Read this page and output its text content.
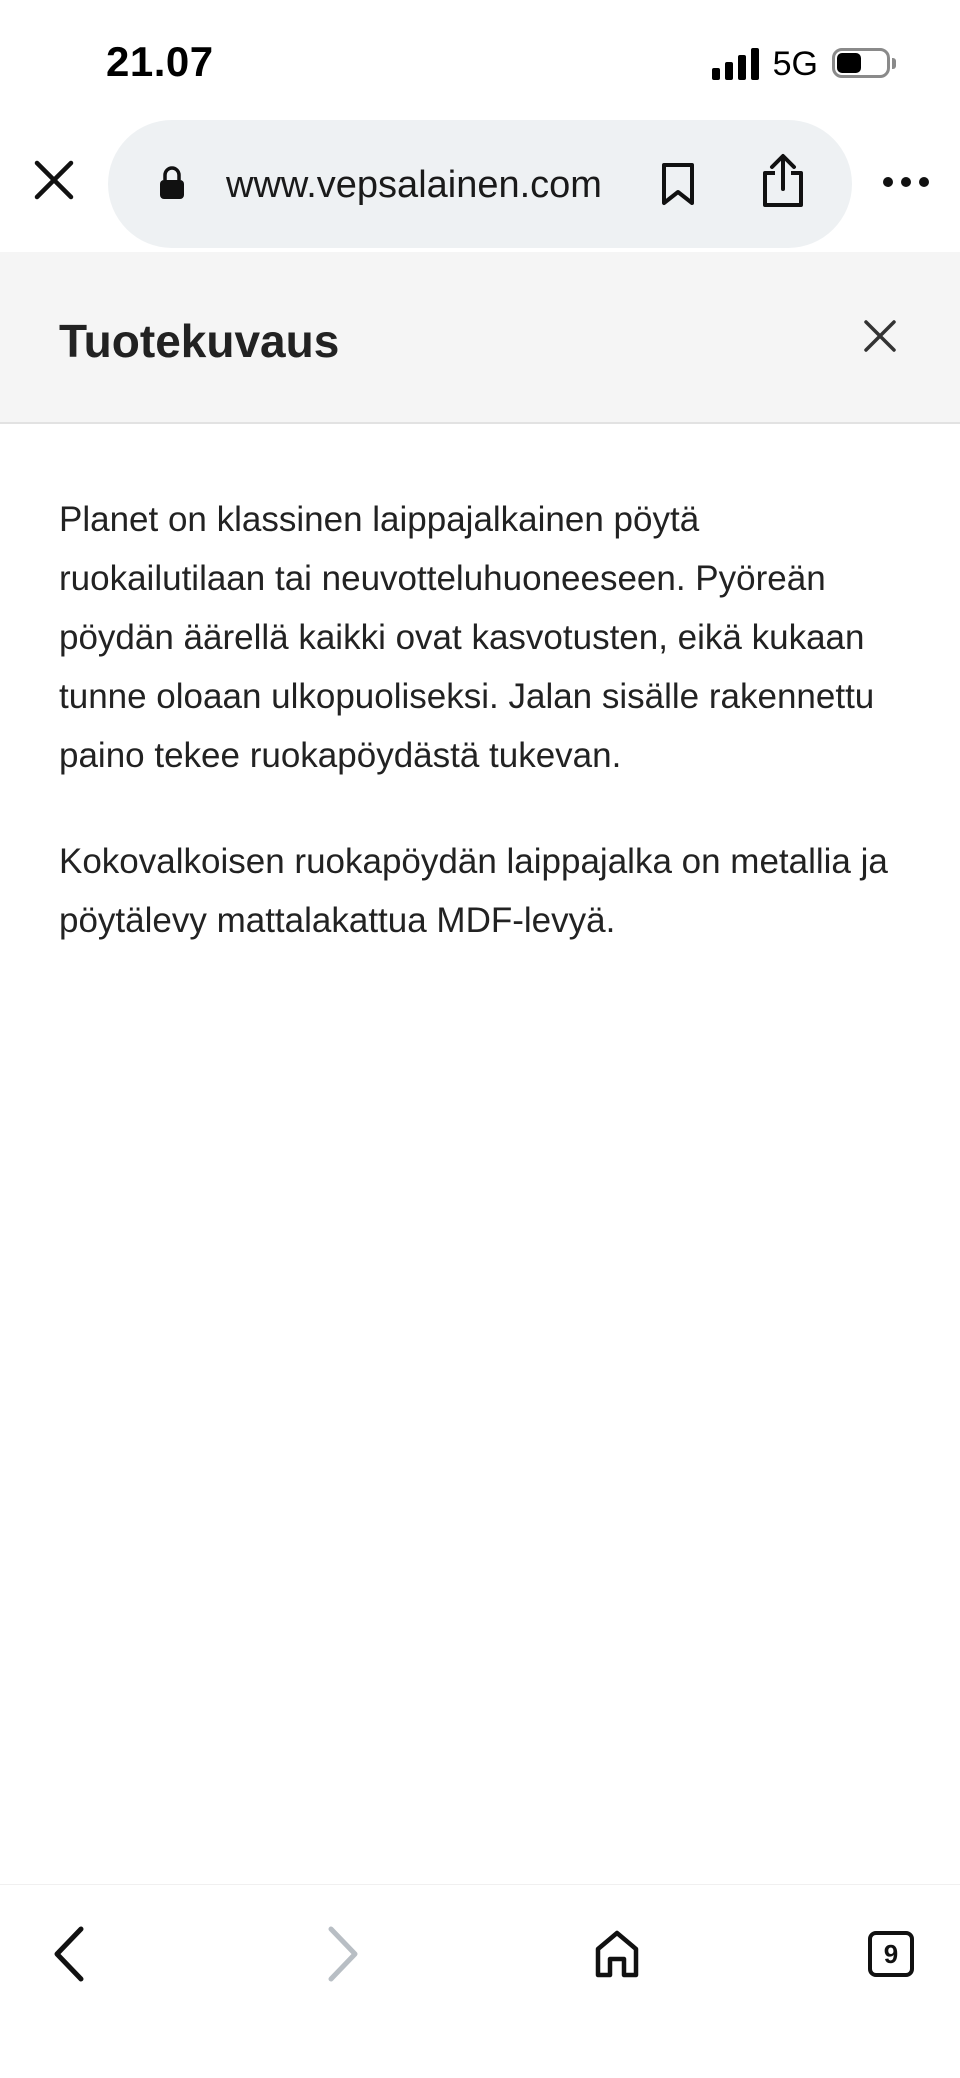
21.07	5G
www.vepsalainen.com
Tuotekuvaus

Planet on klassinen laippajalkainen pöytä ruokailutilaan tai neuvotteluhuoneeseen. Pyöreän pöydän äärellä kaikki ovat kasvotusten, eikä kukaan tunne oloaan ulkopuoliseksi. Jalan sisälle rakennettu paino tekee ruokapöydästä tukevan.

Kokovalkoisen ruokapöydän laippajalka on metallia ja pöytälevy mattalakattua MDF-levyä.

9
